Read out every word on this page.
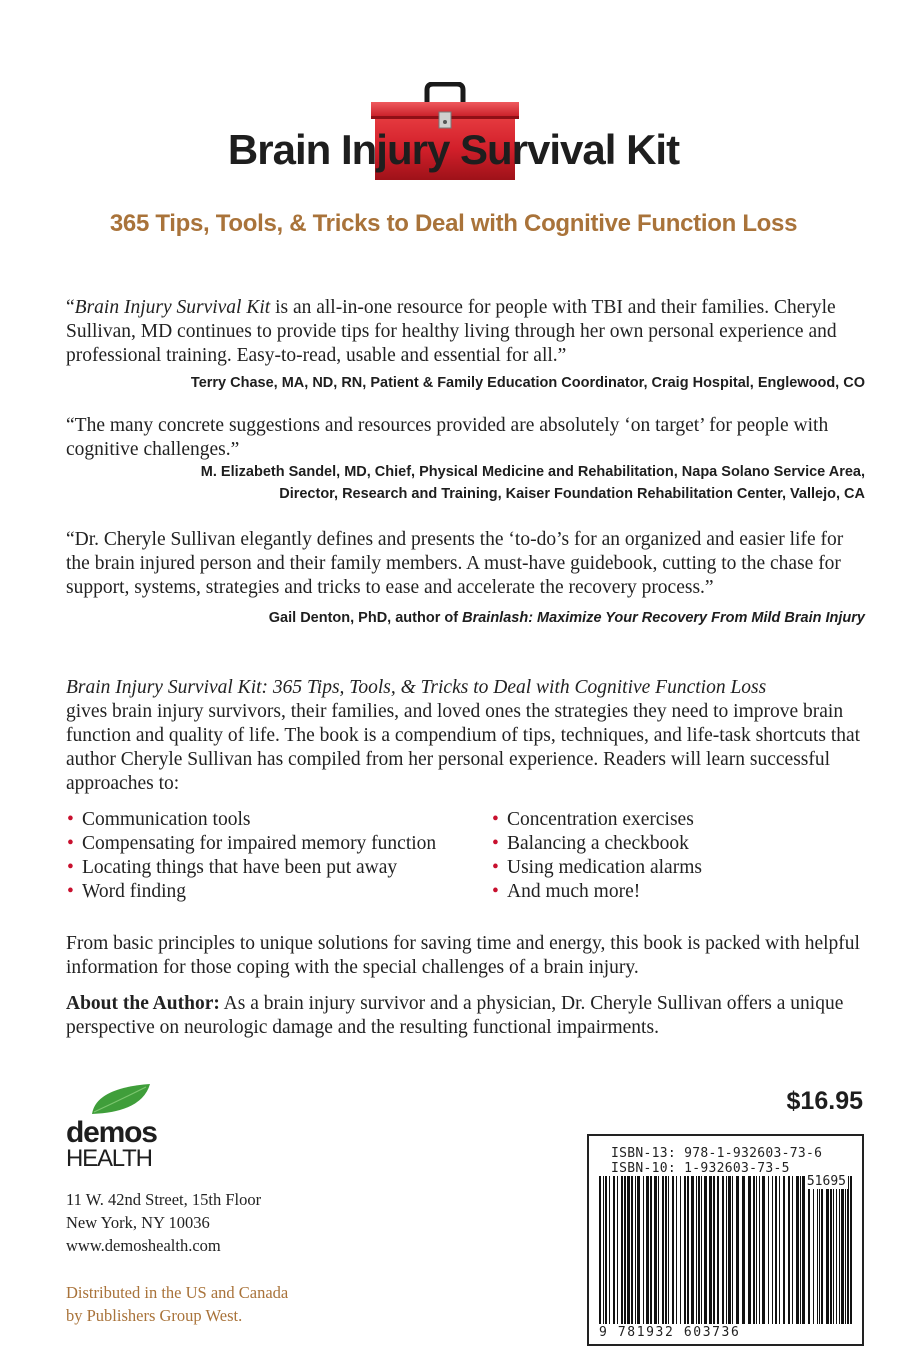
Brain Injury Survival Kit
365 Tips, Tools, & Tricks to Deal with Cognitive Function Loss
“Brain Injury Survival Kit is an all-in-one resource for people with TBI and their families. Cheryle Sullivan, MD continues to provide tips for healthy living through her own personal experience and professional training. Easy-to-read, usable and essential for all.”
Terry Chase, MA, ND, RN, Patient & Family Education Coordinator, Craig Hospital, Englewood, CO
“The many concrete suggestions and resources provided are absolutely ‘on target’ for people with cognitive challenges.”
M. Elizabeth Sandel, MD, Chief, Physical Medicine and Rehabilitation, Napa Solano Service Area,
Director, Research and Training, Kaiser Foundation Rehabilitation Center, Vallejo, CA
“Dr. Cheryle Sullivan elegantly defines and presents the ‘to-do’s for an organized and easier life for the brain injured person and their family members. A must-have guidebook, cutting to the chase for support, systems, strategies and tricks to ease and accelerate the recovery process.”
Gail Denton, PhD, author of Brainlash: Maximize Your Recovery From Mild Brain Injury
Brain Injury Survival Kit: 365 Tips, Tools, & Tricks to Deal with Cognitive Function Loss
gives brain injury survivors, their families, and loved ones the strategies they need to improve brain function and quality of life. The book is a compendium of tips, techniques, and life-task shortcuts that author Cheryle Sullivan has compiled from her personal experience. Readers will learn successful approaches to:
• Communication tools
• Compensating for impaired memory function
• Locating things that have been put away
• Word finding
• Concentration exercises
• Balancing a checkbook
• Using medication alarms
• And much more!
From basic principles to unique solutions for saving time and energy, this book is packed with helpful information for those coping with the special challenges of a brain injury.
About the Author: As a brain injury survivor and a physician, Dr. Cheryle Sullivan offers a unique perspective on neurologic damage and the resulting functional impairments.
$16.95
demos
HEALTH
11 W. 42nd Street, 15th Floor
New York, NY 10036
www.demoshealth.com
Distributed in the US and Canada
by Publishers Group West.
ISBN-13: 978-1-932603-73-6
ISBN-10: 1-932603-73-5
51695
9 781932 603736
